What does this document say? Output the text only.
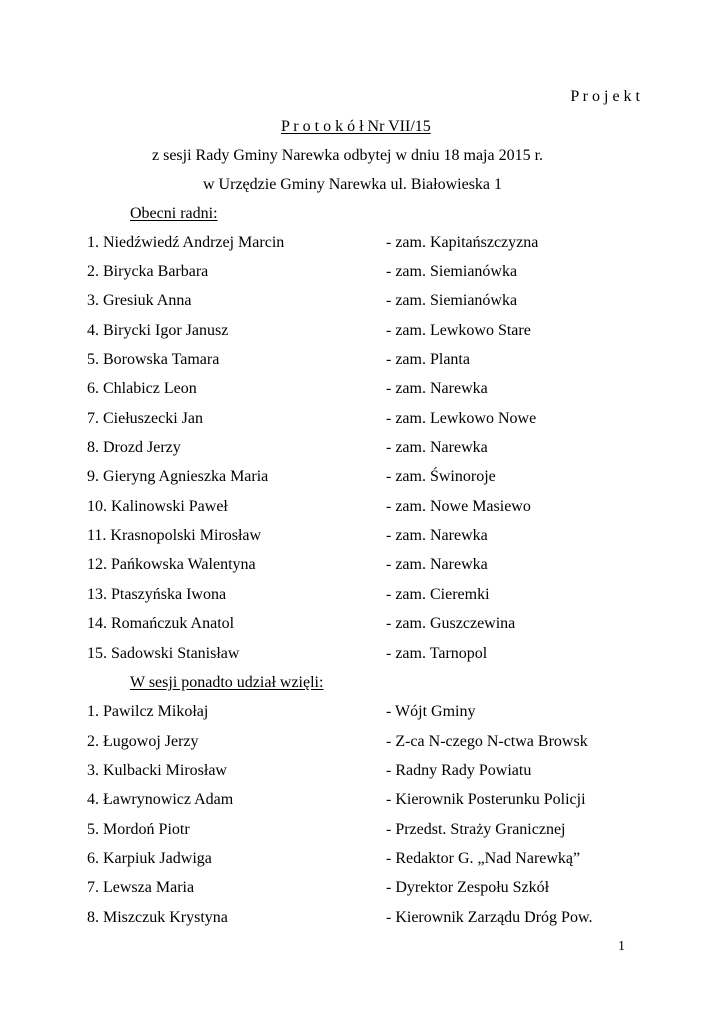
P r o j e k t
P r o t o k ó ł Nr VII/15
z sesji Rady Gminy Narewka odbytej w dniu 18 maja 2015 r.
w Urzędzie Gminy Narewka ul. Białowieska 1
Obecni radni:
1. Niedźwiedź Andrzej Marcin	- zam. Kapitańszczyzna
2. Birycka Barbara	- zam. Siemianówka
3. Gresiuk Anna	- zam. Siemianówka
4. Birycki Igor Janusz	- zam. Lewkowo Stare
5. Borowska Tamara	- zam. Planta
6. Chlabicz Leon	- zam. Narewka
7. Ciełuszecki Jan	- zam. Lewkowo Nowe
8. Drozd Jerzy	- zam. Narewka
9. Gieryng Agnieszka Maria	- zam. Świnoroje
10. Kalinowski Paweł	- zam. Nowe Masiewo
11. Krasnopolski Mirosław	- zam. Narewka
12. Pańkowska Walentyna	- zam. Narewka
13. Ptaszyńska Iwona	- zam. Cieremki
14. Romańczuk Anatol	- zam. Guszczewina
15. Sadowski Stanisław	- zam. Tarnopol
W sesji ponadto udział wzięli:
1. Pawilcz Mikołaj	- Wójt Gminy
2. Ługowoj Jerzy	- Z-ca N-czego N-ctwa Browsk
3. Kulbacki Mirosław	- Radny Rady Powiatu
4. Ławrynowicz Adam	- Kierownik Posterunku Policji
5. Mordoń Piotr	- Przedst. Straży Granicznej
6. Karpiuk Jadwiga	- Redaktor G. „Nad Narewką”
7. Lewsza Maria	- Dyrektor Zespołu Szkół
8. Miszczuk Krystyna	- Kierownik Zarządu Dróg Pow.
1
